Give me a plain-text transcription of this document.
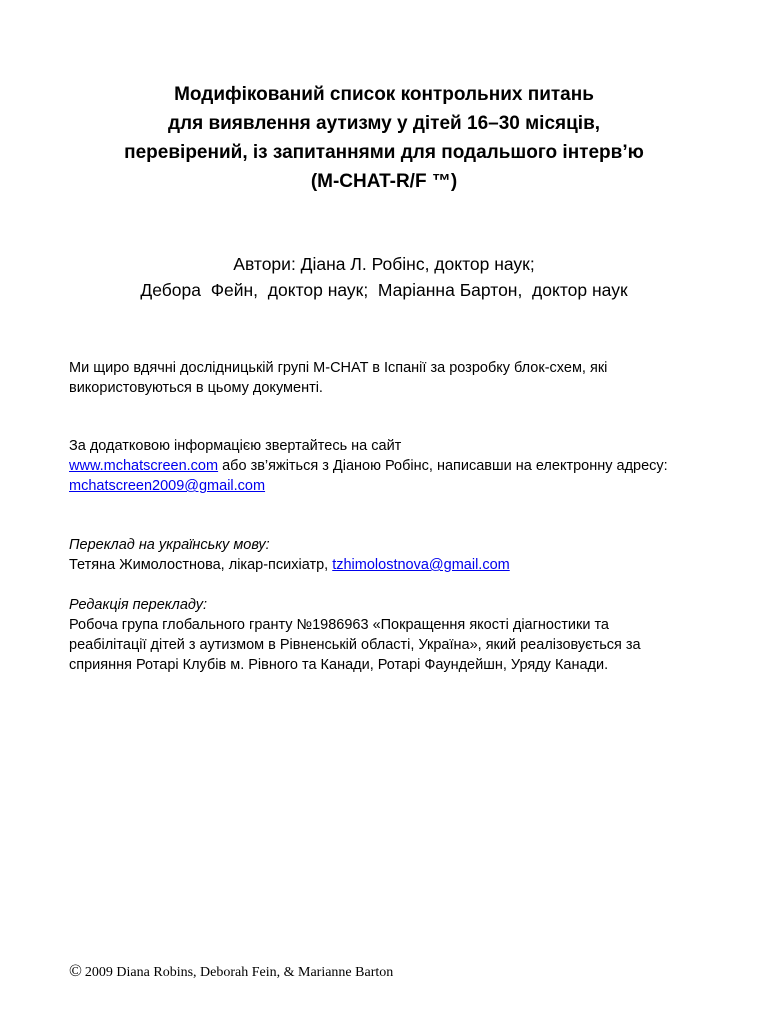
Модифікований список контрольних питань
для виявлення аутизму у дітей 16–30 місяців,
перевірений, із запитаннями для подальшого інтерв’ю
(M-CHAT-R/F ™)
Автори: Діана Л. Робінс, доктор наук;
Дебора  Фейн,  доктор наук;  Маріанна Бартон,  доктор наук
Ми щиро вдячні дослідницькій групі M-CHAT в Іспанії за розробку блок-схем, які
використовуються в цьому документі.
За додатковою інформацією звертайтесь на сайт
www.mchatscreen.com або зв’яжіться з Діаною Робінс, написавши на електронну адресу:
mchatscreen2009@gmail.com
Переклад на українську мову:
Тетяна Жимолостнова, лікар-психіатр, tzhimolostnova@gmail.com
Редакція перекладу:
Робоча група глобального гранту №1986963 «Покращення якості діагностики та
реабілітації дітей з аутизмом в Рівненській області, Україна», який реалізовується за
сприяння Ротарі Клубів м. Рівного та Канади, Ротарі Фаундейшн, Уряду Канади.
© 2009 Diana Robins, Deborah Fein, & Marianne Barton
